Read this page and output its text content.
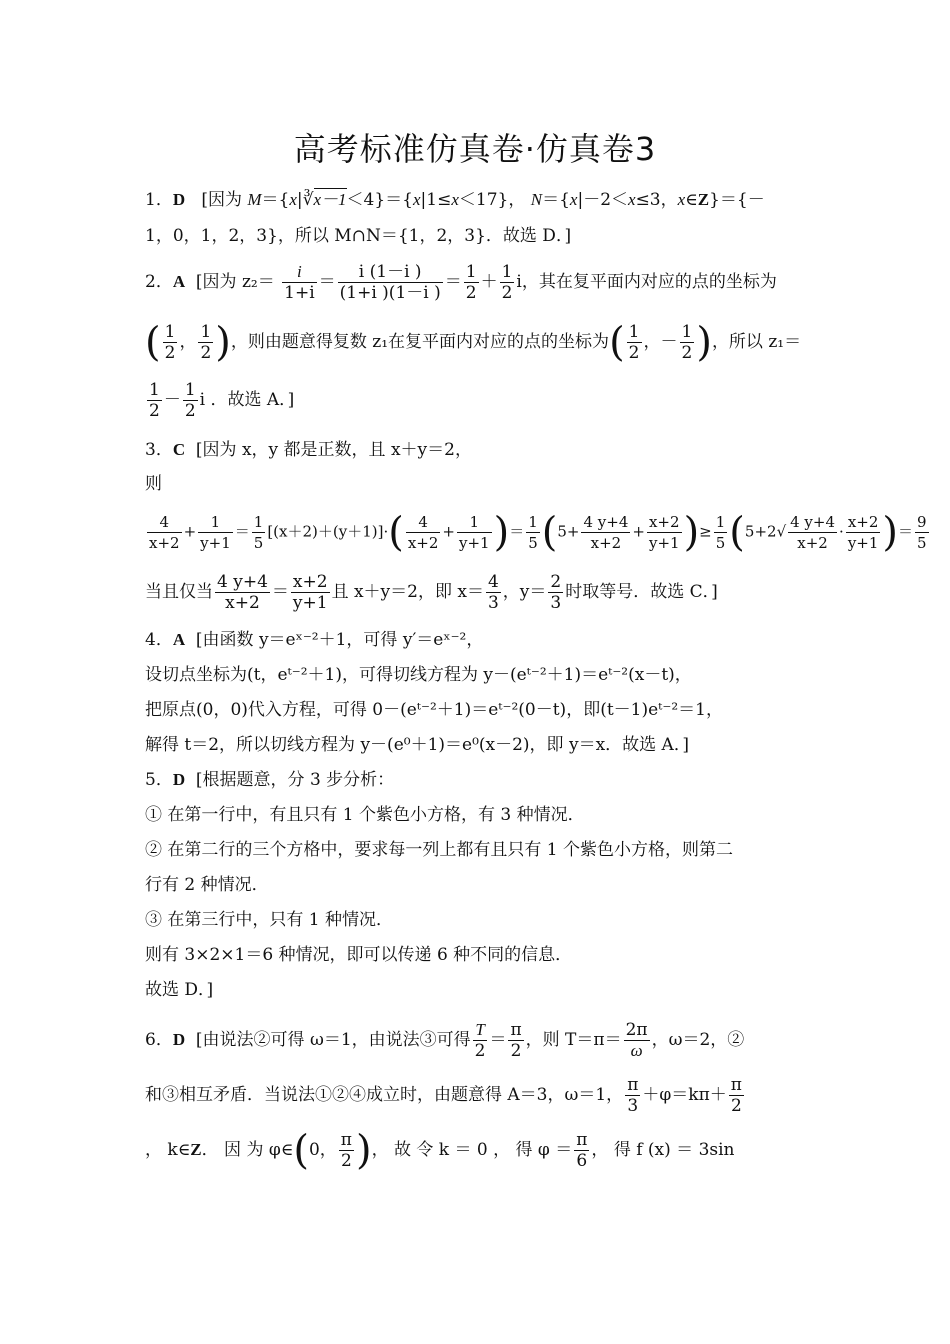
高考标准仿真卷·仿真卷3
1．D [因为 M＝{x|∛x－1＜4}＝{x|1≤x＜17}， N＝{x|－2＜x≤3，x∈Z}＝{－
1，0，1，2，3}，所以 M∩N＝{1，2，3}．故选 D．]
2．A [因为 $z_2= \frac{i}{1+i} = \frac{i (1-i )}{(1+i )(1-i )} = \frac{1}{2} + \frac{1}{2}$ i，其在复平面内对应的点的坐标为
( $\frac{1}{2}$ ， $\frac{1}{2}$ )，则由题意得复数 z₁在复平面内对应的点的坐标为( $\frac{1}{2}$ ，－ $\frac{1}{2}$ )，所以 z₁＝
$\frac{1}{2} - \frac{1}{2}$ i ．故选 A．]
3．C [因为 x，y 都是正数，且 x＋y＝2，
则
$\frac{4}{x+2} + \frac{1}{y+1} = \frac{1}{5} [(x+2)+(y+1)]\cdot( \frac{4}{x+2} + \frac{1}{y+1}$ )＝ $\frac{1}{5} (5+ \frac{4 y+4}{x+2} + \frac{x+2}{y+1}$ )≥ $\frac{1}{5} (5+2√ \frac{4 y+4}{x+2} \cdot \frac{x+2}{y+1}$ )＝ $\frac{9}{5}$
当且仅当 $\frac{4 y+4}{x+2} = \frac{x+2}{y+1}$ 且 x＋y＝2，即 $x= \frac{4}{3}$ ，$y= \frac{2}{3}$ 时取等号．故选 C．]
4．A [由函数 y＝eˣ⁻²＋1，可得 y′＝eˣ⁻²，
设切点坐标为(t，eᵗ⁻²＋1)，可得切线方程为 y－(eᵗ⁻²＋1)＝eᵗ⁻²(x－t)，
把原点(0，0)代入方程，可得 0－(eᵗ⁻²＋1)＝eᵗ⁻²(0－t)，即(t－1)eᵗ⁻²＝1，
解得 t＝2，所以切线方程为 y－(e⁰＋1)＝e⁰(x－2)，即 y＝x．故选 A．]
5．D [根据题意，分 3 步分析：
① 在第一行中，有且只有 1 个紫色小方格，有 3 种情况．
② 在第二行的三个方格中，要求每一列上都有且只有 1 个紫色小方格，则第二
行有 2 种情况．
③ 在第三行中，只有 1 种情况．
则有 3×2×1＝6 种情况，即可以传递 6 种不同的信息．
故选 D．]
6．D [由说法②可得 ω＝1，由说法③可得 $\frac{T}{2} = \frac{\pi}{2}$ ，则 $T=\pi= \frac{2\pi}{\omega}$ ，ω＝2，②
和③相互矛盾．当说法①②④成立时，由题意得 A＝3，ω＝1， $\frac{\pi}{3} +\varphi=k\pi+ \frac{\pi}{2}$
， k∈Z． 因 为 φ∈(0， $\frac{\pi}{2}$ )， 故 令 k ＝ 0 ， 得 $\varphi = \frac{\pi}{6}$ ， 得 f (x) ＝ 3sin
